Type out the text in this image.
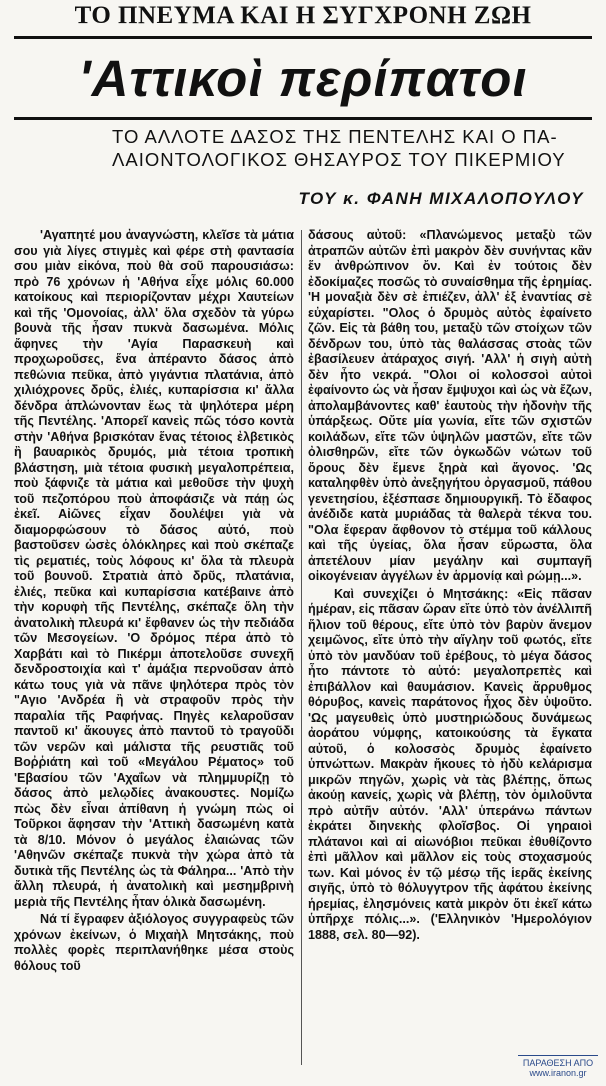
ΤΟ ΠΝΕΥΜΑ ΚΑΙ Η ΣΥΓΧΡΟΝΗ ΖΩΗ
'Αττικοὶ περίπατοι
ΤΟ ΑΛΛΟΤΕ ΔΑΣΟΣ ΤΗΣ ΠΕΝΤΕΛΗΣ ΚΑΙ Ο ΠΑ-
ΛΑΙΟΝΤΟΛΟΓΙΚΟΣ ΘΗΣΑΥΡΟΣ ΤΟΥ ΠΙΚΕΡΜΙΟΥ
ΤΟΥ κ. ΦΑΝΗ ΜΙΧΑΛΟΠΟΥΛΟΥ

'Αγαπητέ μου ἀναγνώστη, κλεῖσε τὰ μάτια σου γιὰ λίγες στιγμὲς καὶ φέρε στὴ φαντασία σου μιὰν εἰκόνα, ποὺ θὰ σοῦ παρουσιάσω: πρὸ 76 χρόνων ἡ 'Αθήνα εἶχε μόλις 60.000 κατοίκους καὶ περιορίζονταν μέχρι Χαυτείων καὶ τῆς 'Ομονοίας, ἀλλ' ὅλα σχεδὸν τὰ γύρω βουνὰ τῆς ἦσαν πυκνὰ δασωμένα. Μόλις ἄφηνες τὴν 'Αγία Παρασκευὴ καὶ προχωροῦσες, ἕνα ἀπέραντο δάσος ἀπὸ πεθώνια πεῦκα, ἀπὸ γιγάντια πλατάνια, ἀπὸ χιλιόχρονες δρῦς, ἐλιές, κυπαρίσσια κι' ἄλλα δένδρα ἁπλώνονταν ἕως τὰ ψηλότερα μέρη τῆς Πεντέλης. 'Απορεῖ κανεὶς πῶς τόσο κοντὰ στὴν 'Αθήνα βρισκόταν ἕνας τέτοιος ἐλβετικὸς ἢ βαυαρικὸς δρυμός, μιὰ τέτοια τροπικὴ βλάστηση, μιὰ τέτοια φυσικὴ μεγαλοπρέπεια, ποὺ ξάφνιζε τὰ μάτια καὶ μεθοῦσε τὴν ψυχὴ τοῦ πεζοπόρου ποὺ ἀποφάσιζε νὰ πάῃ ὡς ἐκεῖ. Αἰῶνες εἶχαν δουλέψει γιὰ νὰ διαμορφώσουν τὸ δάσος αὐτό, ποὺ βαστοῦσεν ὡσὲς ὁλόκληρες καὶ ποὺ σκέπαζε τὶς ρεματιές, τοὺς λόφους κι' ὅλα τὰ πλευρὰ τοῦ βουνοῦ. Στρατιὰ ἀπὸ δρῦς, πλατάνια, ἐλιές, πεῦκα καὶ κυπαρίσσια κατέβαινε ἀπὸ τὴν κορυφὴ τῆς Πεντέλης, σκέπαζε ὅλη τὴν ἀνατολικὴ πλευρά κι' ἔφθανεν ὡς τὴν πεδιάδα τῶν Μεσογείων. 'Ο δρόμος πέρα ἀπὸ τὸ Χαρβάτι καὶ τὸ Πικέρμι ἀποτελοῦσε συνεχῆ δενδροστοιχία καὶ τ' ἁμάξια περνοῦσαν ἀπὸ κάτω τους γιὰ νὰ πᾶνε ψηλότερα πρὸς τὸν "Αγιο 'Ανδρέα ἢ νὰ στραφοῦν πρὸς τὴν παραλία τῆς Ραφήνας. Πηγὲς κελαροῦσαν παντοῦ κι' ἄκουγες ἀπὸ παντοῦ τὸ τραγοῦδι τῶν νερῶν καὶ μάλιστα τῆς ρευστιᾶς τοῦ Βοῤῥιάτη καὶ τοῦ «Μεγάλου Ρέματος» τοῦ 'Εβασίου τῶν 'Αχαΐων νὰ πλημμυρίζῃ τὸ δάσος ἀπὸ μελῳδίες ἀνακουστες. Νομίζω πὼς δὲν εἶναι ἀπίθανη ἡ γνώμη πὼς οἱ Τοῦρκοι ἄφησαν τὴν 'Αττικὴ δασωμένη κατὰ τὰ 8/10. Μόνον ὁ μεγάλος ἐλαιώνας τῶν 'Αθηνῶν σκέπαζε πυκνὰ τὴν χώρα ἀπὸ τὰ δυτικὰ τῆς Πεντέλης ὡς τὰ Φάληρα... 'Απὸ τὴν ἄλλη πλευρά, ἡ ἀνατολικὴ καὶ μεσημβρινὴ μεριὰ τῆς Πεντέλης ἦταν ὁλικὰ δασωμένη.

Νά τί ἔγραφεν ἀξιόλογος συγγραφεὺς τῶν χρόνων ἐκείνων, ὁ Μιχαὴλ Μητσάκης, ποὺ πολλὲς φορὲς περιπλανήθηκε μέσα στοὺς θόλους τοῦ

δάσους αὐτοῦ: «Πλανώμενος μεταξὺ τῶν ἀτραπῶν αὐτῶν ἐπὶ μακρὸν δὲν συνήντας κἂν ἕν ἀνθρώπινον ὄν. Καὶ ἐν τούτοις δὲν ἐδοκίμαζες ποσῶς τὸ συναίσθημα τῆς ἐρημίας. 'Η μοναξιὰ δὲν σὲ ἐπιέζεν, ἀλλ' ἐξ ἐναντίας σὲ εὐχαρίστει. "Ολος ὁ δρυμὸς αὐτὸς ἐφαίνετο ζῶν. Εἰς τὰ βάθη του, μεταξὺ τῶν στοίχων τῶν δένδρων του, ὑπὸ τὰς θαλάσσας στοὰς τῶν ἐβασίλευεν ἀτάραχος σιγή. 'Αλλ' ἡ σιγὴ αὐτὴ δὲν ἦτο νεκρά. "Ολοι οἱ κολοσσοὶ αὐτοὶ ἐφαίνοντο ὡς νὰ ἦσαν ἔμψυχοι καὶ ὡς νὰ ἔζων, ἀπολαμβάνοντες καθ' ἑαυτοὺς τὴν ἡδονὴν τῆς ὑπάρξεως. Οὔτε μία γωνία, εἴτε τῶν σχιστῶν κοιλάδων, εἴτε τῶν ὑψηλῶν μαστῶν, εἴτε τῶν ὀλισθηρῶν, εἴτε τῶν ὀγκωδῶν νώτων τοῦ ὄρους δὲν ἔμενε ξηρὰ καὶ ἄγονος. 'Ως καταληφθὲν ὑπὸ ἀνεξηγήτου ὀργασμοῦ, πάθου γενετησίου, ἐξέσπασε δημιουργικῆ. Τὸ ἔδαφος ἀνέδιδε κατὰ μυριάδας τὰ θαλερὰ τέκνα του. "Ολα ἔφεραν ἄφθονον τὸ στέμμα τοῦ κάλλους καὶ τῆς ὑγείας, ὅλα ἦσαν εὔρωστα, ὅλα ἀπετέλουν μίαν μεγάλην καὶ συμπαγῆ οἰκογένειαν ἀγγέλων ἐν ἁρμονίᾳ καὶ ρώμῃ...».

Καὶ συνεχίζει ὁ Μητσάκης: «Εἰς πᾶσαν ἡμέραν, εἰς πᾶσαν ὥραν εἴτε ὑπὸ τὸν ἀνέλλιπῆ ἥλιον τοῦ θέρους, εἴτε ὑπὸ τὸν βαρὺν ἄνεμον χειμῶνος, εἴτε ὑπὸ τὴν αἴγλην τοῦ φωτός, εἴτε ὑπὸ τὸν μανδύαν τοῦ ἐρέβους, τὸ μέγα δάσος ἦτο πάντοτε τὸ αὐτό: μεγαλοπρεπὲς καὶ ἐπιβάλλον καὶ θαυμάσιον. Κανεὶς ἄρρυθμος θόρυβος, κανεὶς παράτονος ἦχος δὲν ὑψοῦτο. 'Ως μαγευθεὶς ὑπὸ μυστηριώδους δυνάμεως ἀοράτου νύμφης, κατοικούσης τὰ ἔγκατα αὐτοῦ, ὁ κολοσσὸς δρυμὸς ἐφαίνετο ὑπνώττων. Μακρὰν ἤκουες τὸ ἡδὺ κελάρισμα μικρῶν πηγῶν, χωρὶς νὰ τὰς βλέπῃς, ὅπως ἀκούῃ κανείς, χωρὶς νὰ βλέπῃ, τὸν ὁμιλοῦντα πρὸ αὐτῆν αὐτόν. 'Αλλ' ὑπεράνω πάντων ἐκράτει διηνεκὴς φλοῖσβος. Οἱ γηραιοὶ πλάτανοι καὶ αἱ αἰωνόβιοι πεῦκαι ἐθυθίζοντο ἐπὶ μᾶλλον καὶ μᾶλλον εἰς τοὺς στοχασμούς των. Καὶ μόνος ἐν τῷ μέσῳ τῆς ἱερᾶς ἐκείνης σιγῆς, ὑπὸ τὸ θόλυγγτρον τῆς ἀφάτου ἐκείνης ἡρεμίας, ἐλησμόνεις κατὰ μικρὸν ὅτι ἐκεῖ κάτω ὑπῆρχε πόλις...». ('Ελληνικὸν 'Ημερολόγιον 1888, σελ. 80—92).

ΠΑΡΑΘΕΣΗ ΑΠΟ
www.iranon.gr
